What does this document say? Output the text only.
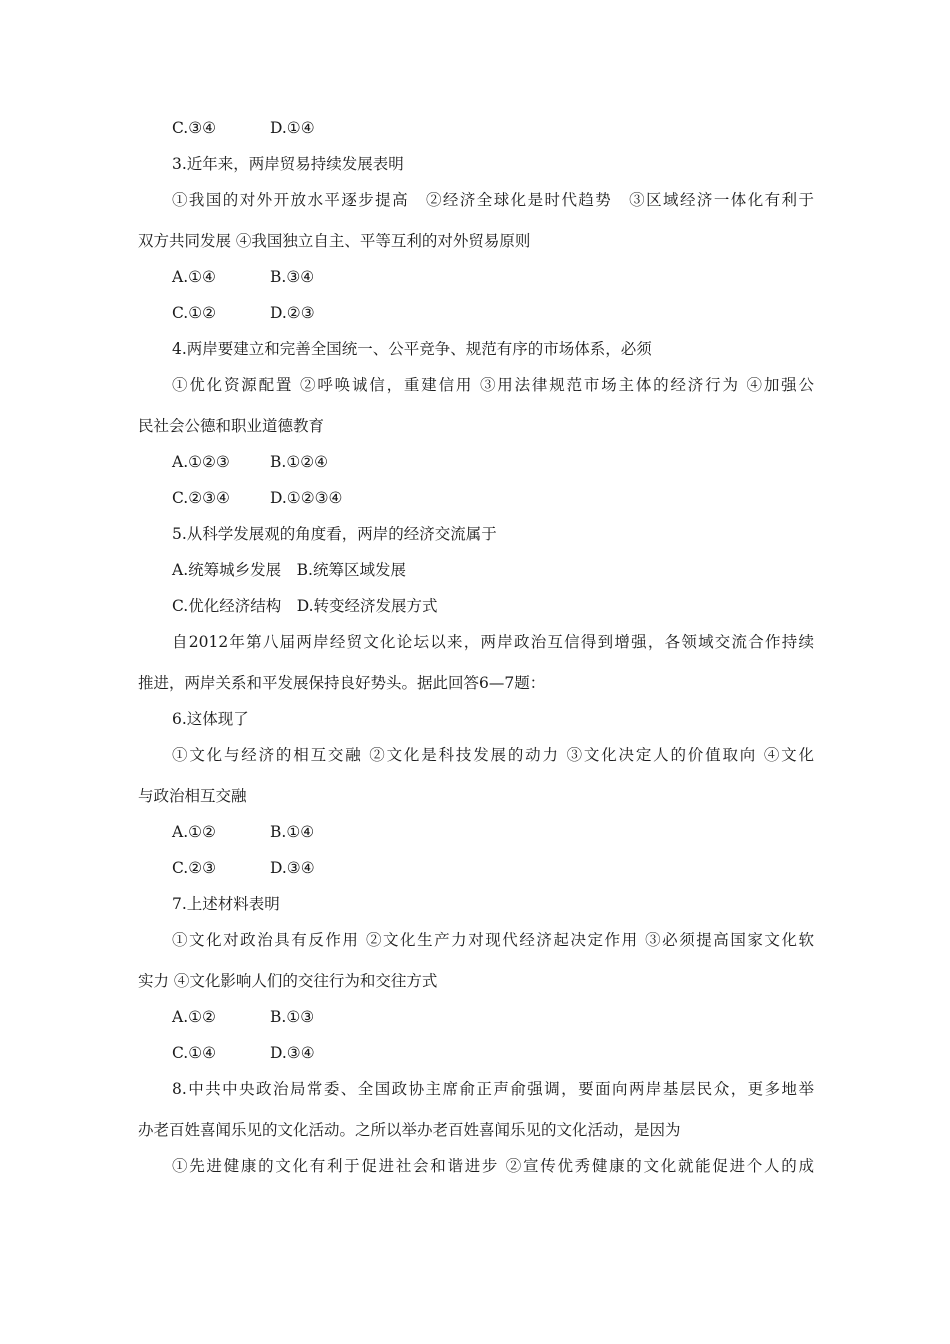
C.③④	D.①④
3.近年来，两岸贸易持续发展表明
①我国的对外开放水平逐步提高　②经济全球化是时代趋势　③区域经济一体化有利于
双方共同发展 ④我国独立自主、平等互利的对外贸易原则
A.①④	B.③④
C.①②	D.②③
4.两岸要建立和完善全国统一、公平竞争、规范有序的市场体系，必须
①优化资源配置 ②呼唤诚信，重建信用 ③用法律规范市场主体的经济行为 ④加强公
民社会公德和职业道德教育
A.①②③	B.①②④
C.②③④	D.①②③④
5.从科学发展观的角度看，两岸的经济交流属于
A.统筹城乡发展　B.统筹区域发展
C.优化经济结构　D.转变经济发展方式
自2012年第八届两岸经贸文化论坛以来，两岸政治互信得到增强，各领域交流合作持续
推进，两岸关系和平发展保持良好势头。据此回答6—7题：
6.这体现了
①文化与经济的相互交融 ②文化是科技发展的动力 ③文化决定人的价值取向 ④文化
与政治相互交融
A.①②	B.①④
C.②③	D.③④
7.上述材料表明
①文化对政治具有反作用 ②文化生产力对现代经济起决定作用 ③必须提高国家文化软
实力 ④文化影响人们的交往行为和交往方式
A.①②	B.①③
C.①④	D.③④
8.中共中央政治局常委、全国政协主席俞正声俞强调，要面向两岸基层民众，更多地举
办老百姓喜闻乐见的文化活动。之所以举办老百姓喜闻乐见的文化活动，是因为
①先进健康的文化有利于促进社会和谐进步 ②宣传优秀健康的文化就能促进个人的成
